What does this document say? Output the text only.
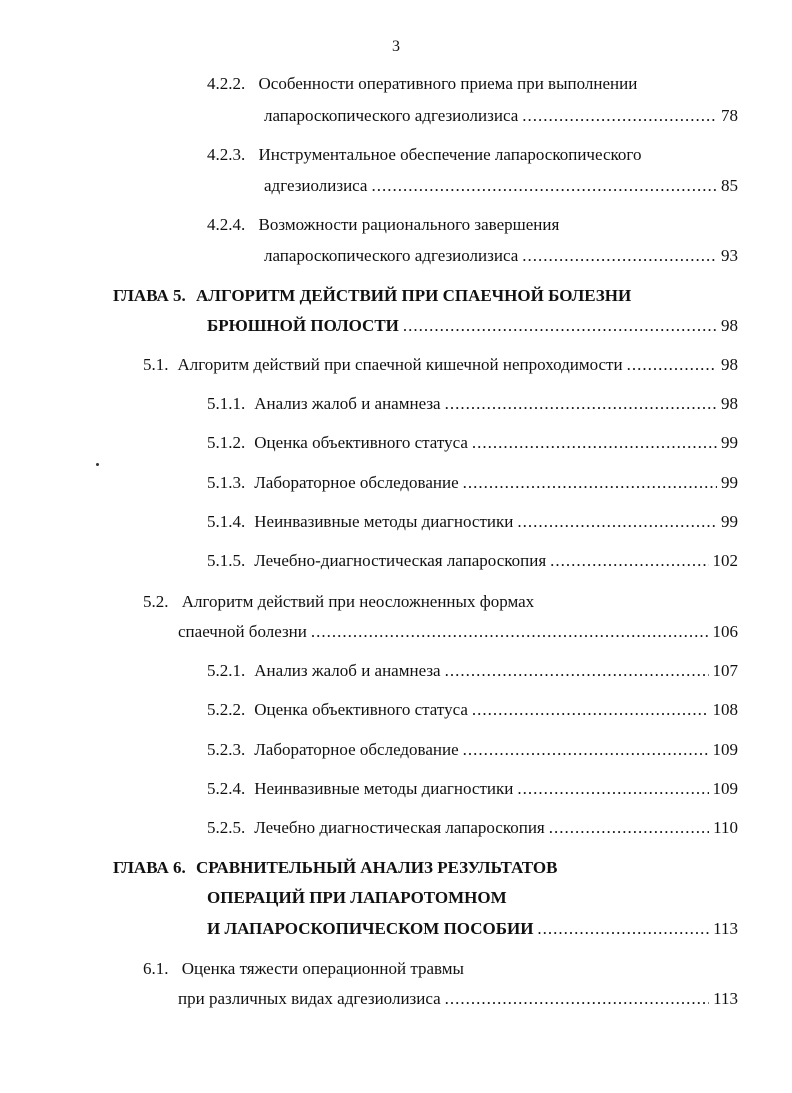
3
4.2.2. Особенности оперативного приема при выполнении
лапароскопического адгезиолизиса .....	78
4.2.3. Инструментальное обеспечение лапароскопического
адгезиолизиса .....	85
4.2.4. Возможности рационального завершения
лапароскопического адгезиолизиса .....	93
ГЛАВА 5. АЛГОРИТМ ДЕЙСТВИЙ ПРИ СПАЕЧНОЙ БОЛЕЗНИ
БРЮШНОЙ ПОЛОСТИ .....	98
5.1. Алгоритм действий при спаечной кишечной непроходимости .....	98
5.1.1. Анализ жалоб и анамнеза .....	98
5.1.2. Оценка объективного статуса .....	99
5.1.3. Лабораторное обследование .....	99
5.1.4. Неинвазивные методы диагностики .....	99
5.1.5. Лечебно-диагностическая лапароскопия .....	102
5.2. Алгоритм действий при неосложненных формах
спаечной болезни .....	106
5.2.1. Анализ жалоб и анамнеза .....	107
5.2.2. Оценка объективного статуса .....	108
5.2.3. Лабораторное обследование .....	109
5.2.4. Неинвазивные методы диагностики .....	109
5.2.5. Лечебно диагностическая лапароскопия .....	110
ГЛАВА 6. СРАВНИТЕЛЬНЫЙ АНАЛИЗ РЕЗУЛЬТАТОВ
ОПЕРАЦИЙ ПРИ ЛАПАРОТОМНОМ
И ЛАПАРОСКОПИЧЕСКОМ ПОСОБИИ .....	113
6.1. Оценка тяжести операционной травмы
при различных видах адгезиолизиса .....	113
